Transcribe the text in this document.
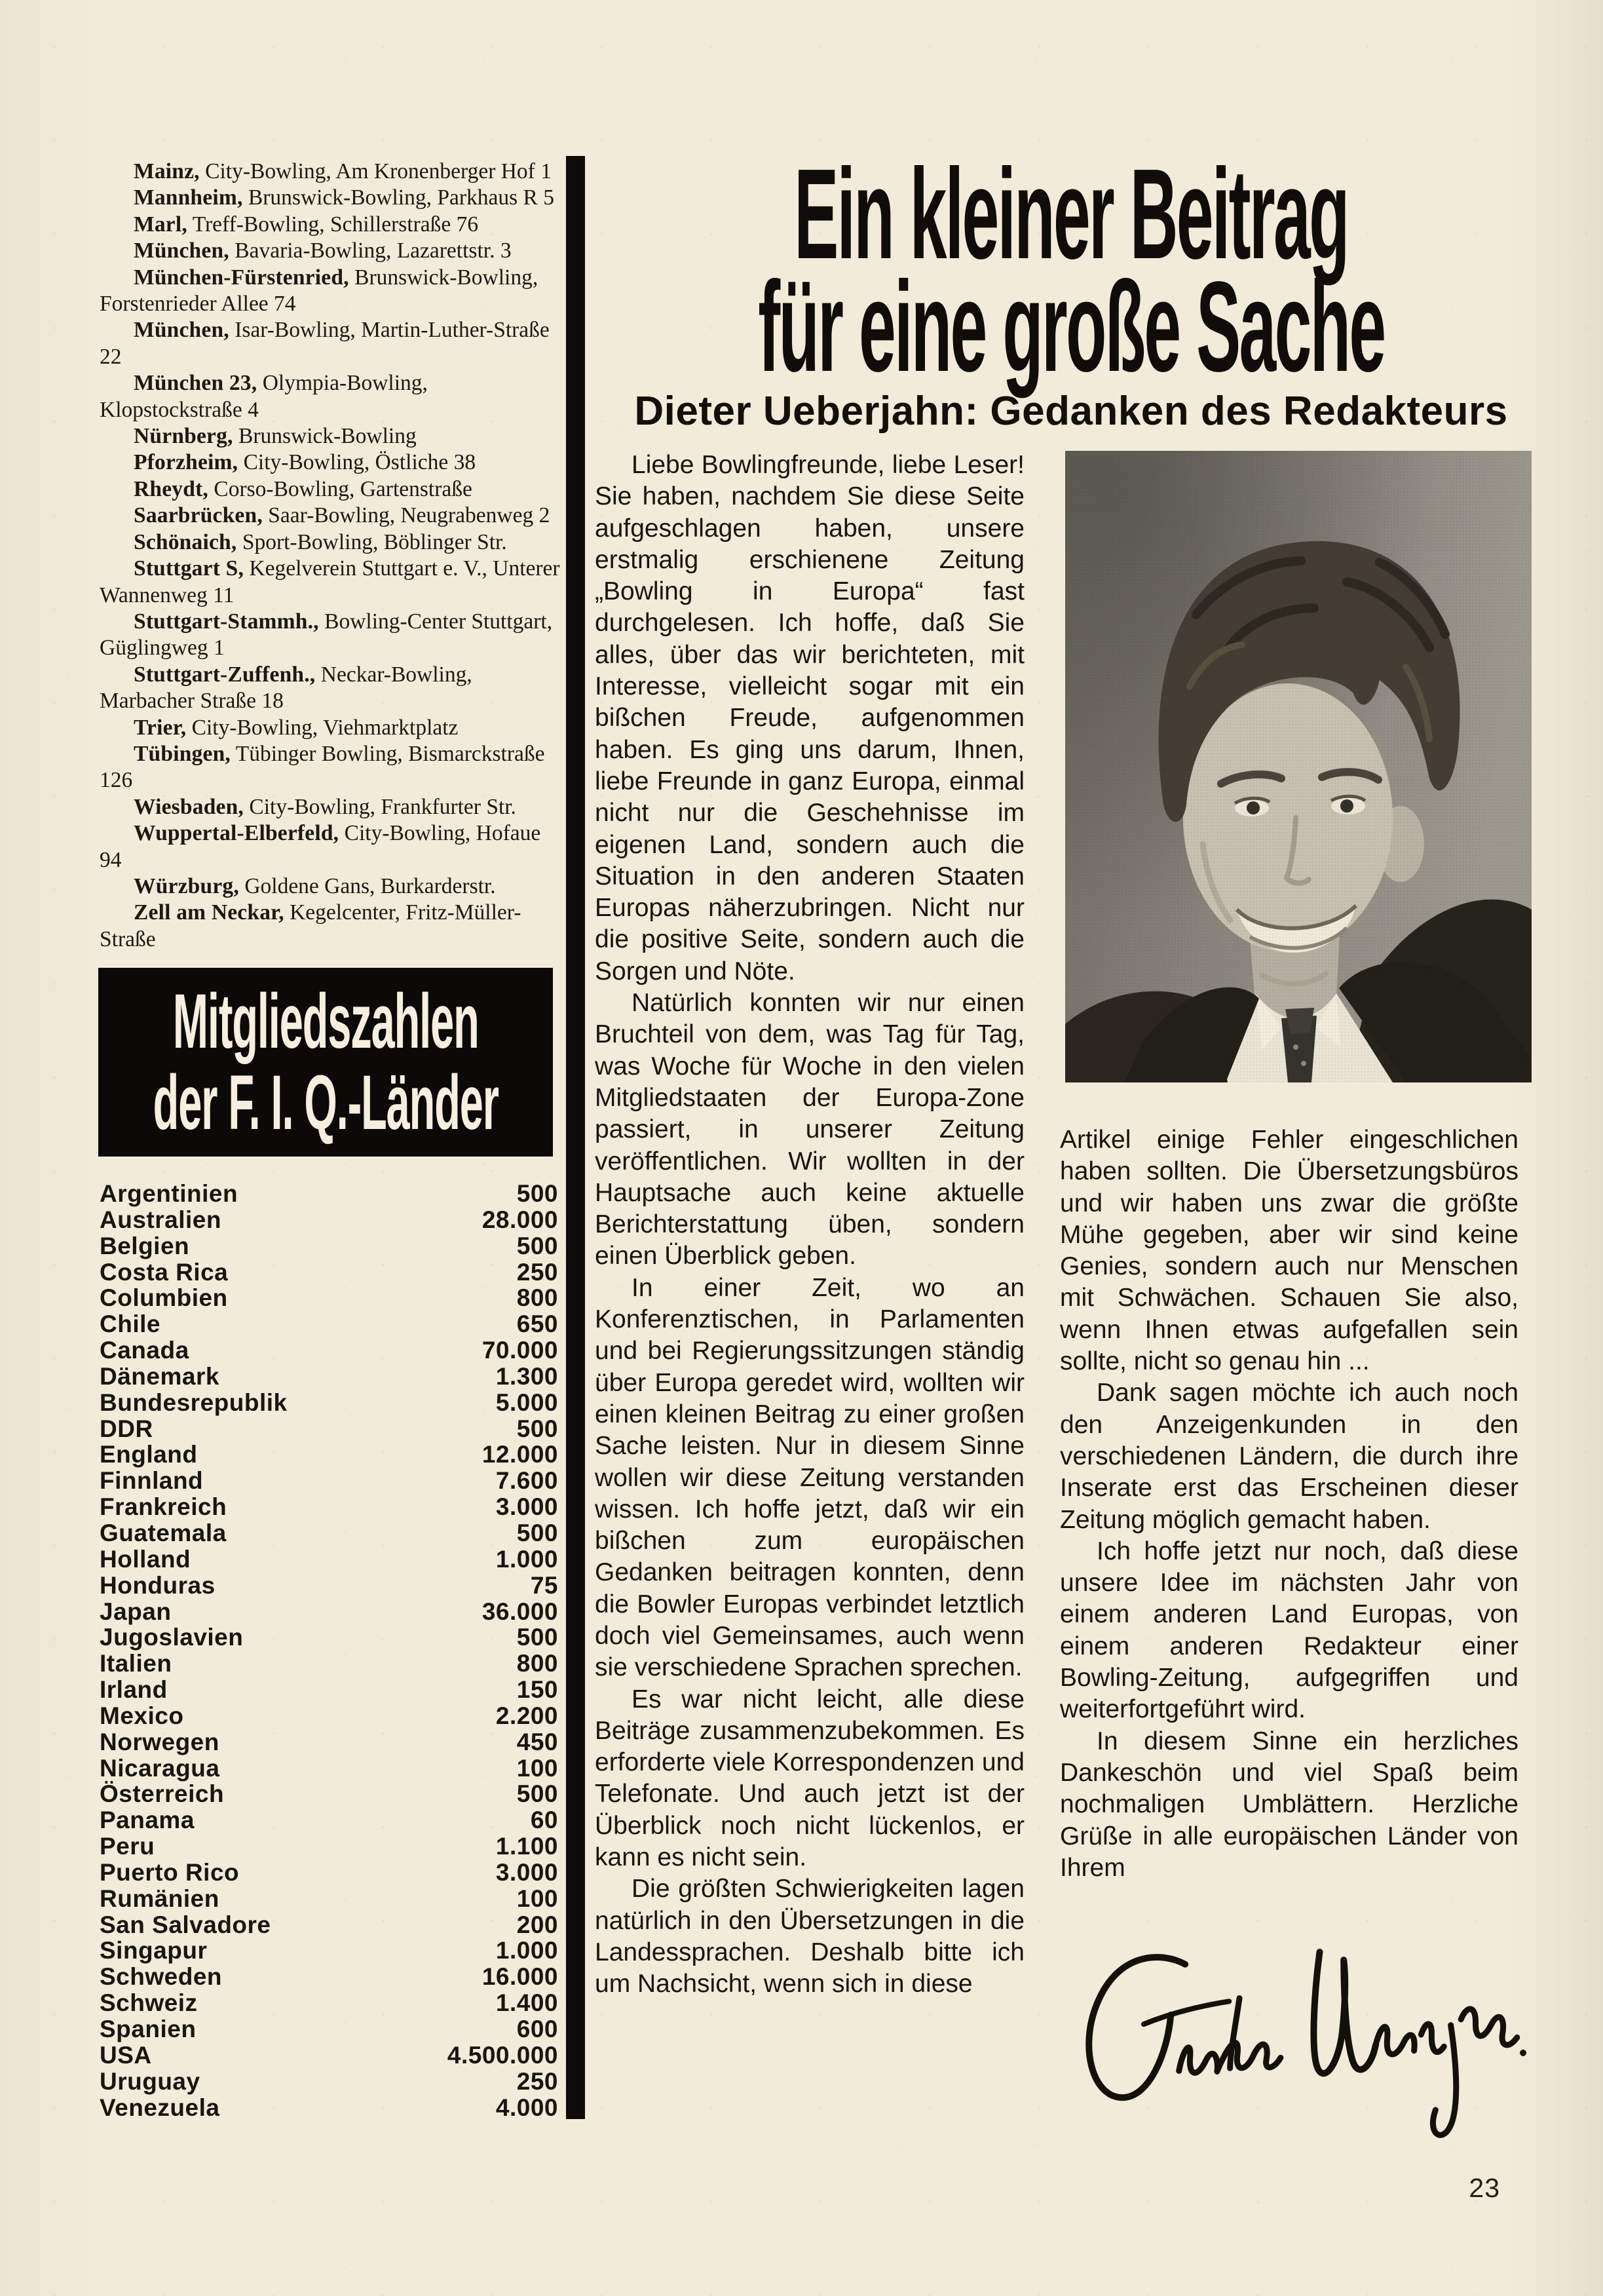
Mainz, City-Bowling, Am Kronenberger Hof 1

Mannheim, Brunswick-Bowling, Parkhaus R 5

Marl, Treff-Bowling, Schillerstraße 76

München, Bavaria-Bowling, Lazarettstr. 3

München-Fürstenried, Brunswick-Bowling, Forstenrieder Allee 74

München, Isar-Bowling, Martin-Luther-Straße 22

München 23, Olympia-Bowling, Klopstockstraße 4

Nürnberg, Brunswick-Bowling

Pforzheim, City-Bowling, Östliche 38

Rheydt, Corso-Bowling, Gartenstraße

Saarbrücken, Saar-Bowling, Neugrabenweg 2

Schönaich, Sport-Bowling, Böblinger Str.

Stuttgart S, Kegelverein Stuttgart e. V., Unterer Wannenweg 11

Stuttgart-Stammh., Bowling-Center Stuttgart, Güglingweg 1

Stuttgart-Zuffenh., Neckar-Bowling, Marbacher Straße 18

Trier, City-Bowling, Viehmarktplatz

Tübingen, Tübinger Bowling, Bismarckstraße 126

Wiesbaden, City-Bowling, Frankfurter Str.

Wuppertal-Elberfeld, City-Bowling, Hofaue 94

Würzburg, Goldene Gans, Burkarderstr.

Zell am Neckar, Kegelcenter, Fritz-Müller-Straße

Mitgliedszahlen
der F. I. Q.-Länder
Argentinien	500
Australien	28.000
Belgien	500
Costa Rica	250
Columbien	800
Chile	650
Canada	70.000
Dänemark	1.300
Bundesrepublik	5.000
DDR	500
England	12.000
Finnland	7.600
Frankreich	3.000
Guatemala	500
Holland	1.000
Honduras	75
Japan	36.000
Jugoslavien	500
Italien	800
Irland	150
Mexico	2.200
Norwegen	450
Nicaragua	100
Österreich	500
Panama	60
Peru	1.100
Puerto Rico	3.000
Rumänien	100
San Salvadore	200
Singapur	1.000
Schweden	16.000
Schweiz	1.400
Spanien	600
USA	4.500.000
Uruguay	250
Venezuela	4.000
Ein kleiner Beitrag
für eine große Sache
Dieter Ueberjahn: Gedanken des Redakteurs

Liebe Bowlingfreunde, liebe Leser! Sie haben, nachdem Sie diese Seite aufgeschlagen haben, unsere erstmalig erschienene Zeitung „Bowling in Europa“ fast durchgelesen. Ich hoffe, daß Sie alles, über das wir berichteten, mit Interesse, vielleicht sogar mit ein bißchen Freude, aufgenommen haben. Es ging uns darum, Ihnen, liebe Freunde in ganz Europa, einmal nicht nur die Geschehnisse im eigenen Land, sondern auch die Situation in den anderen Staaten Europas näherzubringen. Nicht nur die positive Seite, sondern auch die Sorgen und Nöte.

Natürlich konnten wir nur einen Bruchteil von dem, was Tag für Tag, was Woche für Woche in den vielen Mitgliedstaaten der Europa-Zone passiert, in unserer Zeitung veröffentlichen. Wir wollten in der Hauptsache auch keine aktuelle Berichterstattung üben, sondern einen Überblick geben.

In einer Zeit, wo an Konferenztischen, in Parlamenten und bei Regierungssitzungen ständig über Europa geredet wird, wollten wir einen kleinen Beitrag zu einer großen Sache leisten. Nur in diesem Sinne wollen wir diese Zeitung verstanden wissen. Ich hoffe jetzt, daß wir ein bißchen zum europäischen Gedanken beitragen konnten, denn die Bowler Europas verbindet letztlich doch viel Gemeinsames, auch wenn sie verschiedene Sprachen sprechen.

Es war nicht leicht, alle diese Beiträge zusammenzubekommen. Es erforderte viele Korrespondenzen und Telefonate. Und auch jetzt ist der Überblick noch nicht lückenlos, er kann es nicht sein.

Die größten Schwierigkeiten lagen natürlich in den Übersetzungen in die Landessprachen. Deshalb bitte ich um Nachsicht, wenn sich in diese

Artikel einige Fehler eingeschlichen haben sollten. Die Übersetzungsbüros und wir haben uns zwar die größte Mühe gegeben, aber wir sind keine Genies, sondern auch nur Menschen mit Schwächen. Schauen Sie also, wenn Ihnen etwas aufgefallen sein sollte, nicht so genau hin ...

Dank sagen möchte ich auch noch den Anzeigenkunden in den verschiedenen Ländern, die durch ihre Inserate erst das Erscheinen dieser Zeitung möglich gemacht haben.

Ich hoffe jetzt nur noch, daß diese unsere Idee im nächsten Jahr von einem anderen Land Europas, von einem anderen Redakteur einer Bowling-Zeitung, aufgegriffen und weiterfortgeführt wird.

In diesem Sinne ein herzliches Dankeschön und viel Spaß beim nochmaligen Umblättern. Herzliche Grüße in alle europäischen Länder von Ihrem

23
